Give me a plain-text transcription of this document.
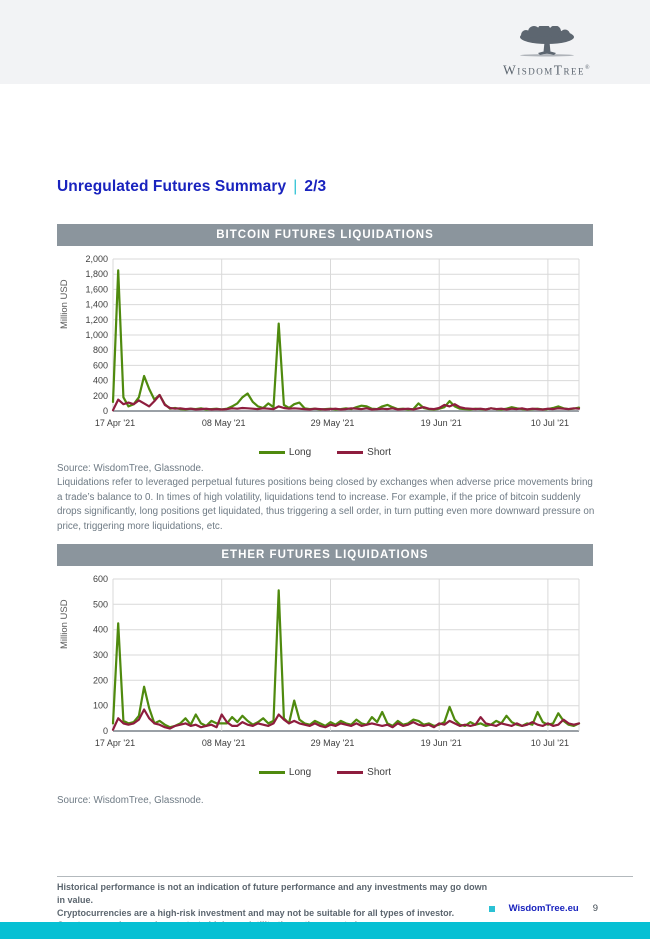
WisdomTree®
Unregulated Futures Summary | 2/3
BITCOIN FUTURES LIQUIDATIONS
Million USD
0
200
400
600
800
1,000
1,200
1,400
1,600
1,800
2,000
17 Apr '21	08 May '21	29 May '21	19 Jun '21	10 Jul '21
Long	Short
Source: WisdomTree, Glassnode.
Liquidations refer to leveraged perpetual futures positions being closed by exchanges when adverse price movements bring a trade’s balance to 0. In times of high volatility, liquidations tend to increase. For example, if the price of bitcoin suddenly drops significantly, long positions get liquidated, thus triggering a sell order, in turn putting even more downward pressure on price, triggering more liquidations, etc.
ETHER FUTURES LIQUIDATIONS
Million USD
0
100
200
300
400
500
600
17 Apr '21	08 May '21	29 May '21	19 Jun '21	10 Jul '21
Long	Short
Source: WisdomTree, Glassnode.
Historical performance is not an indication of future performance and any investments may go down in value.
Cryptocurrencies are a high-risk investment and may not be suitable for all types of investor.	WisdomTree.eu 9
